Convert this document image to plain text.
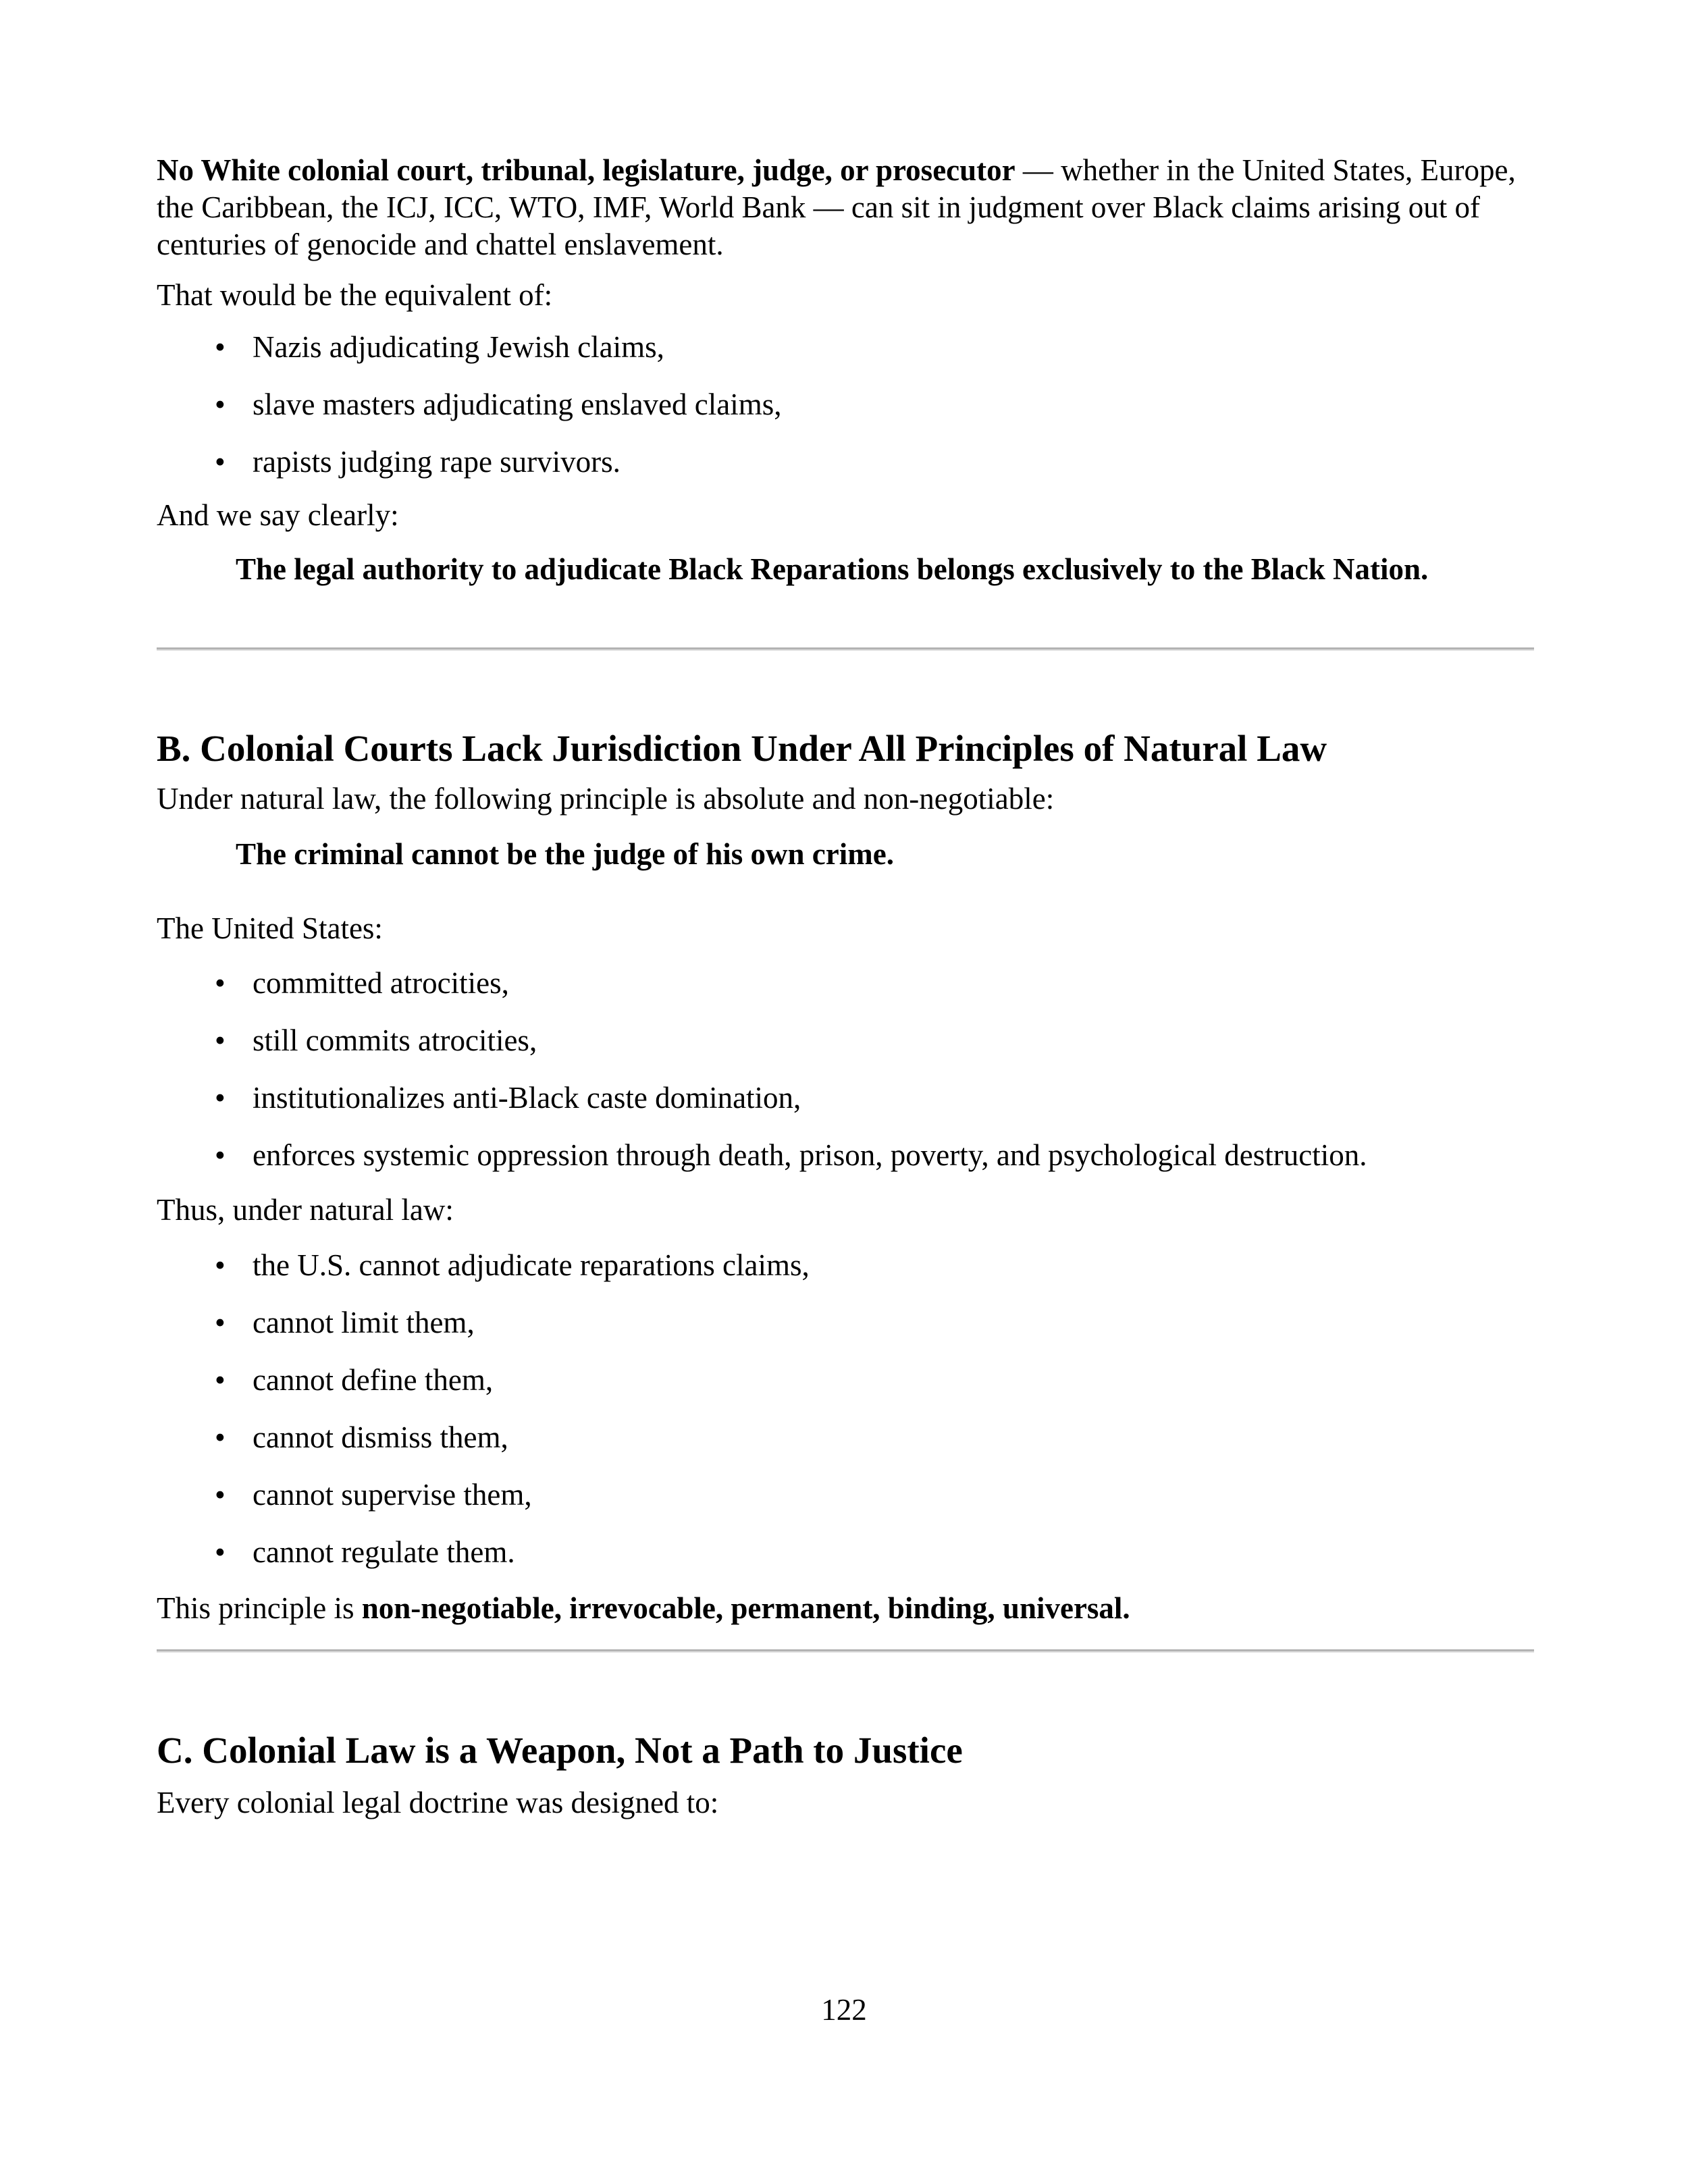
No White colonial court, tribunal, legislature, judge, or prosecutor — whether in the United States, Europe, the Caribbean, the ICJ, ICC, WTO, IMF, World Bank — can sit in judgment over Black claims arising out of centuries of genocide and chattel enslavement.

That would be the equivalent of:

• Nazis adjudicating Jewish claims,
• slave masters adjudicating enslaved claims,
• rapists judging rape survivors.

And we say clearly:

The legal authority to adjudicate Black Reparations belongs exclusively to the Black Nation.
B. Colonial Courts Lack Jurisdiction Under All Principles of Natural Law

Under natural law, the following principle is absolute and non-negotiable:

The criminal cannot be the judge of his own crime.

The United States:

• committed atrocities,
• still commits atrocities,
• institutionalizes anti-Black caste domination,
• enforces systemic oppression through death, prison, poverty, and psychological destruction.

Thus, under natural law:

• the U.S. cannot adjudicate reparations claims,
• cannot limit them,
• cannot define them,
• cannot dismiss them,
• cannot supervise them,
• cannot regulate them.

This principle is non-negotiable, irrevocable, permanent, binding, universal.

C. Colonial Law is a Weapon, Not a Path to Justice

Every colonial legal doctrine was designed to:

122
